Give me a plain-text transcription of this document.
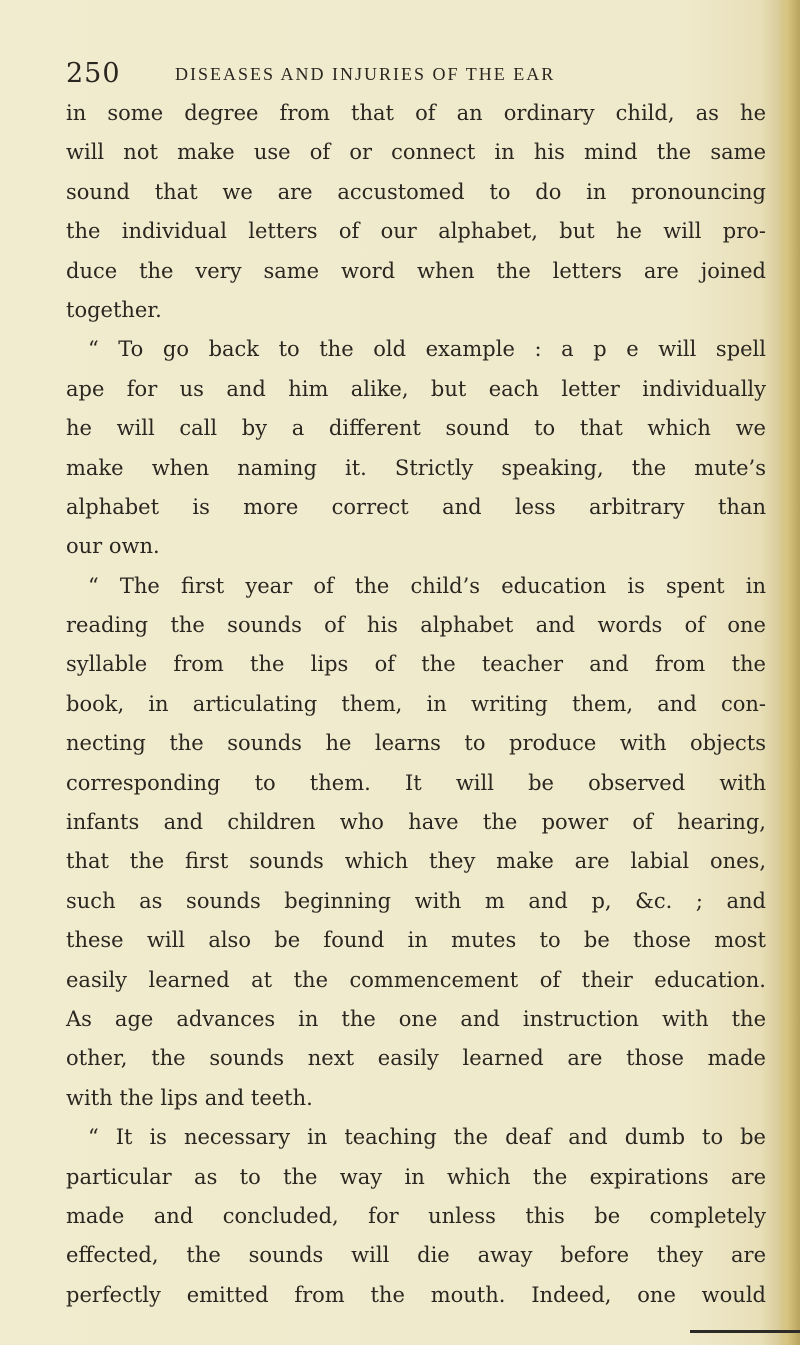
250	DISEASES AND INJURIES OF THE EAR
in some degree from that of an ordinary child, as he
will not make use of or connect in his mind the same
sound that we are accustomed to do in pronouncing
the individual letters of our alphabet, but he will pro-
duce the very same word when the letters are joined
together.
“ To go back to the old example : a p e will spell
ape for us and him alike, but each letter individually
he will call by a different sound to that which we
make when naming it. Strictly speaking, the mute’s
alphabet is more correct and less arbitrary than
our own.
“ The first year of the child’s education is spent in
reading the sounds of his alphabet and words of one
syllable from the lips of the teacher and from the
book, in articulating them, in writing them, and con-
necting the sounds he learns to produce with objects
corresponding to them. It will be observed with
infants and children who have the power of hearing,
that the first sounds which they make are labial ones,
such as sounds beginning with m and p, &c. ; and
these will also be found in mutes to be those most
easily learned at the commencement of their education.
As age advances in the one and instruction with the
other, the sounds next easily learned are those made
with the lips and teeth.
“ It is necessary in teaching the deaf and dumb to be
particular as to the way in which the expirations are
made and concluded, for unless this be completely
effected, the sounds will die away before they are
perfectly emitted from the mouth. Indeed, one would
